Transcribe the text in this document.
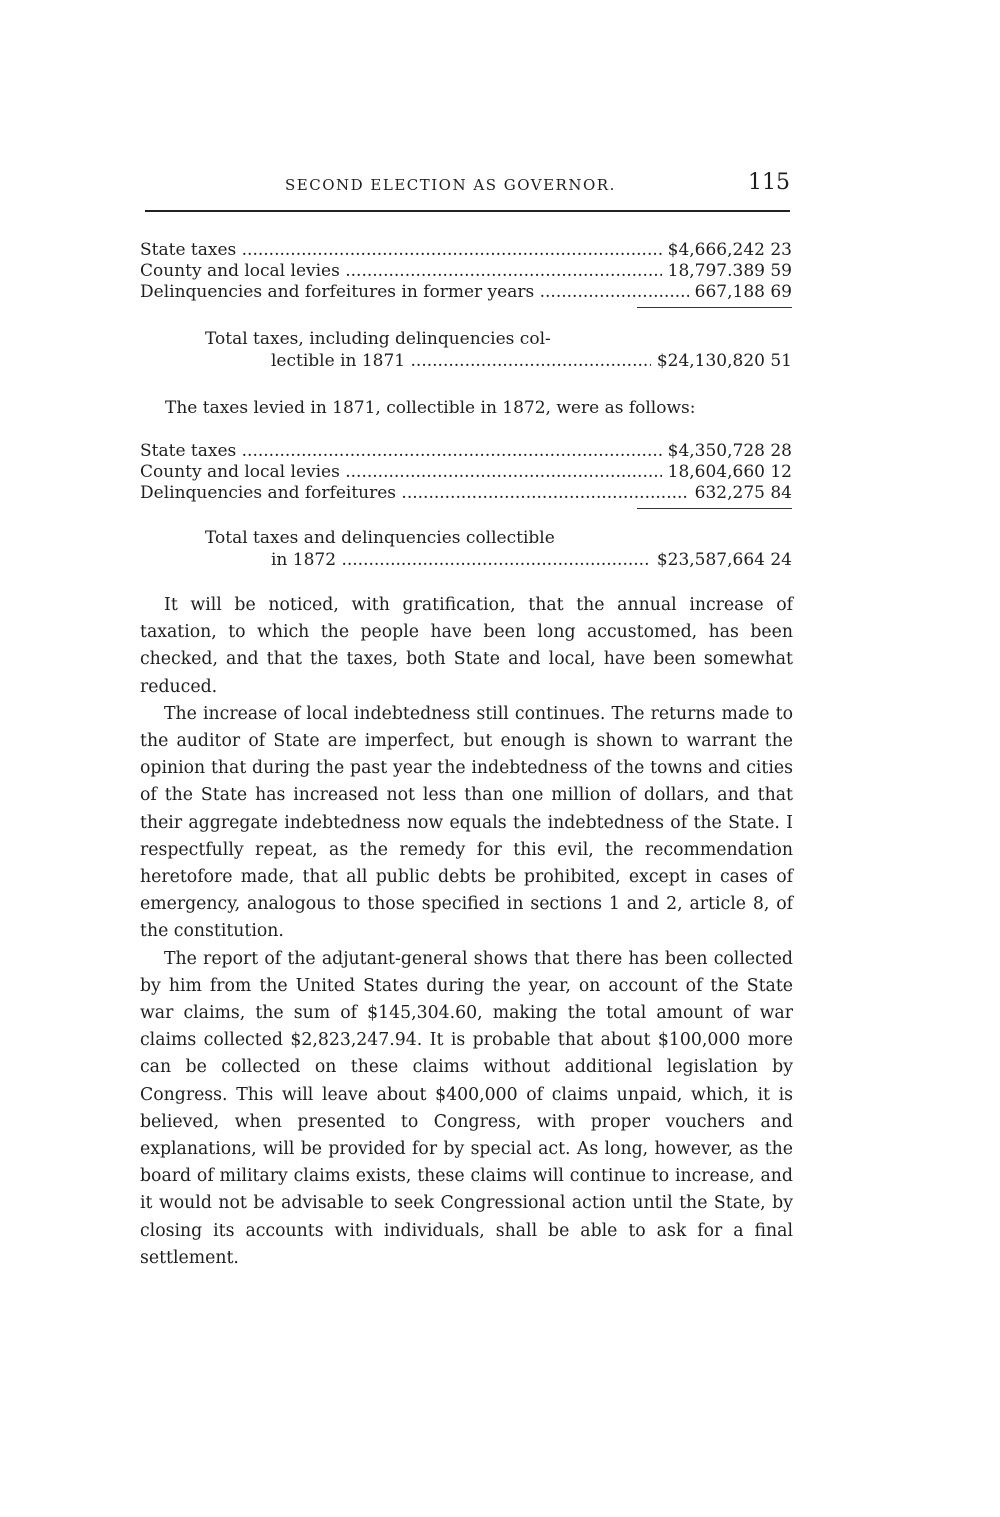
SECOND ELECTION AS GOVERNOR.	115
State taxes .....	$4,666,242 23
County and local levies .....	18,797.389 59
Delinquencies and forfeitures in former years .....	667,188 69
Total taxes, including delinquencies col-
lectible in 1871 .....	$24,130,820 51
The taxes levied in 1871, collectible in 1872, were as follows:
State taxes .....	$4,350,728 28
County and local levies .....	18,604,660 12
Delinquencies and forfeitures .....	632,275 84
Total taxes and delinquencies collectible
in 1872 .....	$23,587,664 24

It will be noticed, with gratification, that the annual increase of taxation, to which the people have been long accustomed, has been checked, and that the taxes, both State and local, have been somewhat reduced.

The increase of local indebtedness still continues. The returns made to the auditor of State are imperfect, but enough is shown to warrant the opinion that during the past year the indebtedness of the towns and cities of the State has increased not less than one million of dollars, and that their aggregate indebtedness now equals the indebtedness of the State. I respectfully repeat, as the remedy for this evil, the recommendation heretofore made, that all public debts be prohibited, except in cases of emergency, analogous to those specified in sections 1 and 2, article 8, of the constitution.

The report of the adjutant-general shows that there has been collected by him from the United States during the year, on account of the State war claims, the sum of $145,304.60, making the total amount of war claims collected $2,823,247.94. It is probable that about $100,000 more can be collected on these claims without additional legislation by Congress. This will leave about $400,000 of claims unpaid, which, it is believed, when presented to Congress, with proper vouchers and explanations, will be provided for by special act. As long, however, as the board of military claims exists, these claims will continue to increase, and it would not be advisable to seek Congressional action until the State, by closing its accounts with individuals, shall be able to ask for a final settlement.
